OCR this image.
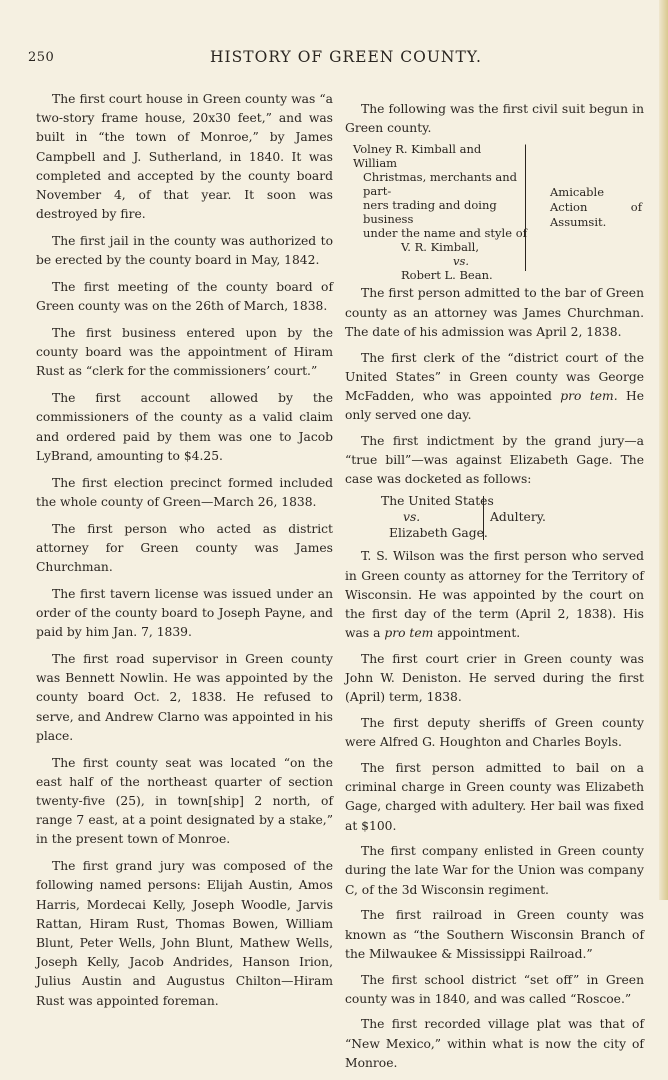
250	HISTORY OF GREEN COUNTY.

The first court house in Green county was “a two-story frame house, 20x30 feet,” and was built in “the town of Monroe,” by James Campbell and J. Sutherland, in 1840. It was completed and accepted by the county board November 4, of that year. It soon was destroyed by fire.

The first jail in the county was authorized to be erected by the county board in May, 1842.

The first meeting of the county board of Green county was on the 26th of March, 1838.

The first business entered upon by the county board was the appointment of Hiram Rust as “clerk for the commissioners’ court.”

The first account allowed by the commissioners of the county as a valid claim and ordered paid by them was one to Jacob LyBrand, amounting to $4.25.

The first election precinct formed included the whole county of Green—March 26, 1838.

The first person who acted as district attorney for Green county was James Churchman.

The first tavern license was issued under an order of the county board to Joseph Payne, and paid by him Jan. 7, 1839.

The first road supervisor in Green county was Bennett Nowlin. He was appointed by the county board Oct. 2, 1838. He refused to serve, and Andrew Clarno was appointed in his place.

The first county seat was located “on the east half of the northeast quarter of section twenty-five (25), in town[ship] 2 north, of range 7 east, at a point designated by a stake,” in the present town of Monroe.

The first grand jury was composed of the following named persons: Elijah Austin, Amos Harris, Mordecai Kelly, Joseph Woodle, Jarvis Rattan, Hiram Rust, Thomas Bowen, William Blunt, Peter Wells, John Blunt, Mathew Wells, Joseph Kelly, Jacob Andrides, Hanson Irion, Julius Austin and Augustus Chilton—Hiram Rust was appointed foreman.

The following was the first civil suit begun in Green county.

Volney R. Kimball and William
Christmas, merchants and part-
ners trading and doing business
under the name and style of
V. R. Kimball,
vs.
Robert L. Bean.
Amicable
Action of
Assumsit.

The first person admitted to the bar of Green county as an attorney was James Churchman. The date of his admission was April 2, 1838.

The first clerk of the “district court of the United States” in Green county was George McFadden, who was appointed pro tem. He only served one day.

The first indictment by the grand jury—a “true bill”—was against Elizabeth Gage. The case was docketed as follows:

The United States
vs.
Elizabeth Gage.
Adultery.

T. S. Wilson was the first person who served in Green county as attorney for the Territory of Wisconsin. He was appointed by the court on the first day of the term (April 2, 1838). His was a pro tem appointment.

The first court crier in Green county was John W. Deniston. He served during the first (April) term, 1838.

The first deputy sheriffs of Green county were Alfred G. Houghton and Charles Boyls.

The first person admitted to bail on a criminal charge in Green county was Elizabeth Gage, charged with adultery. Her bail was fixed at $100.

The first company enlisted in Green county during the late War for the Union was company C, of the 3d Wisconsin regiment.

The first railroad in Green county was known as “the Southern Wisconsin Branch of the Milwaukee & Mississippi Railroad.”

The first school district “set off” in Green county was in 1840, and was called “Roscoe.”

The first recorded village plat was that of “New Mexico,” within what is now the city of Monroe.
